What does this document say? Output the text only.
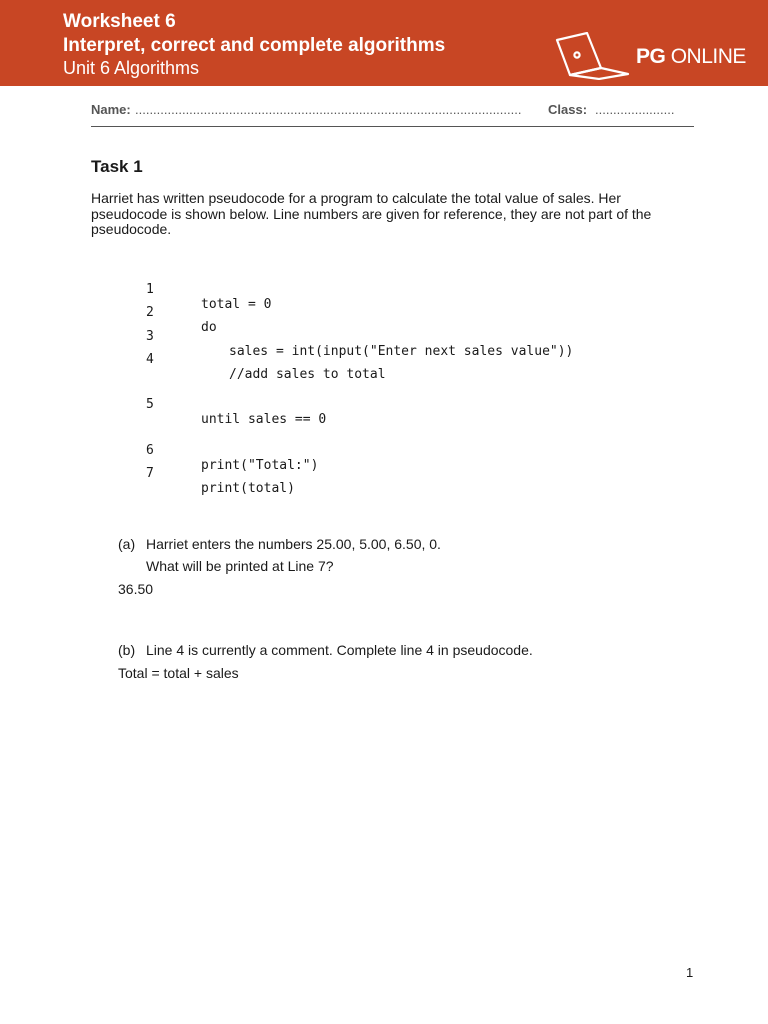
Worksheet 6
Interpret, correct and complete algorithms
Unit 6 Algorithms	PG ONLINE
Name: ...........................................................................................................	Class: ......................
Task 1
Harriet has written pseudocode for a program to calculate the total value of sales. Her pseudocode is shown below. Line numbers are given for reference, they are not part of the pseudocode.

1

total = 0

2

do

3

sales = int(input("Enter next sales value"))

4

//add sales to total

5

until sales == 0

6

print("Total:")

7

print(total)

(a) Harriet enters the numbers 25.00, 5.00, 6.50, 0.
What will be printed at Line 7?
36.50
(b) Line 4 is currently a comment. Complete line 4 in pseudocode.
Total = total + sales
1
